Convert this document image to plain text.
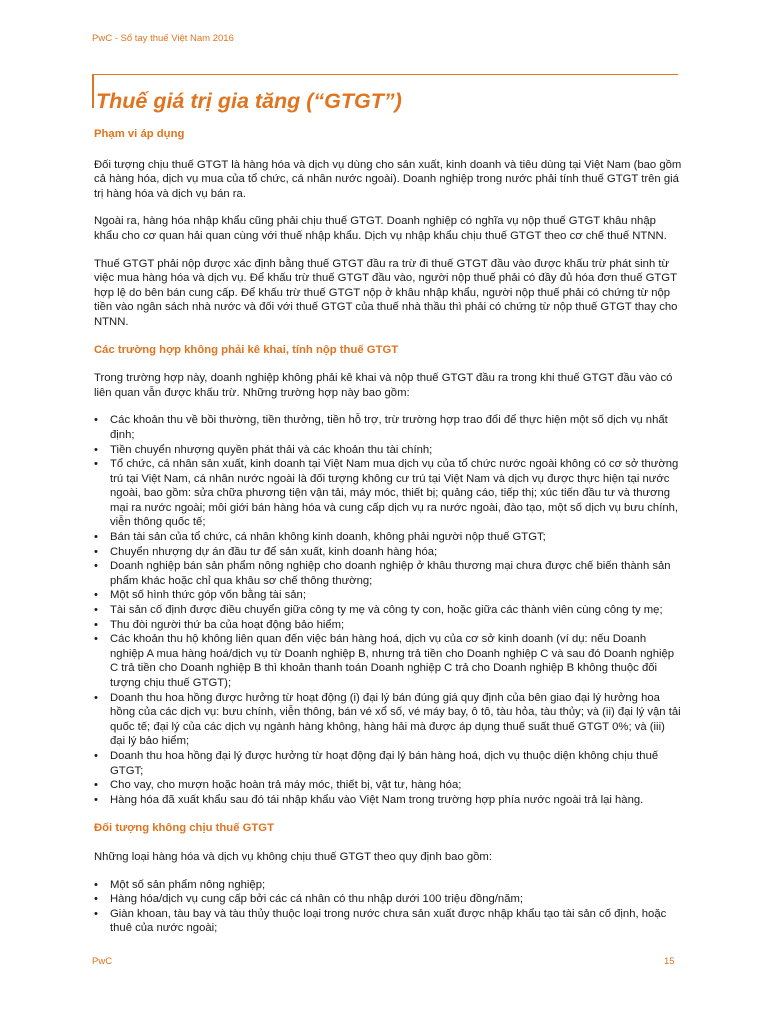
PwC - Sổ tay thuế Việt Nam 2016
Thuế giá trị gia tăng (“GTGT”)
Phạm vi áp dụng

Đối tượng chịu thuế GTGT là hàng hóa và dịch vụ dùng cho sản xuất, kinh doanh và tiêu dùng tại Việt Nam (bao gồm cả hàng hóa, dịch vụ mua của tổ chức, cá nhân nước ngoài). Doanh nghiệp trong nước phải tính thuế GTGT trên giá trị hàng hóa và dịch vụ bán ra.

Ngoài ra, hàng hóa nhập khẩu cũng phải chịu thuế GTGT. Doanh nghiệp có nghĩa vụ nộp thuế GTGT khâu nhập khẩu cho cơ quan hải quan cùng với thuế nhập khẩu. Dịch vụ nhập khẩu chịu thuế GTGT theo cơ chế thuế NTNN.

Thuế GTGT phải nộp được xác định bằng thuế GTGT đầu ra trừ đi thuế GTGT đầu vào được khấu trừ phát sinh từ việc mua hàng hóa và dịch vụ. Để khấu trừ thuế GTGT đầu vào, người nộp thuế phải có đầy đủ hóa đơn thuế GTGT hợp lệ do bên bán cung cấp. Để khấu trừ thuế GTGT nộp ở khâu nhập khẩu, người nộp thuế phải có chứng từ nộp tiền vào ngân sách nhà nước và đối với thuế GTGT của thuế nhà thầu thì phải có chứng từ nộp thuế GTGT thay cho NTNN.

Các trường hợp không phải kê khai, tính nộp thuế GTGT

Trong trường hợp này, doanh nghiệp không phải kê khai và nộp thuế GTGT đầu ra trong khi thuế GTGT đầu vào có liên quan vẫn được khấu trừ. Những trường hợp này bao gồm:

• Các khoản thu về bồi thường, tiền thưởng, tiền hỗ trợ, trừ trường hợp trao đổi để thực hiện một số dịch vụ nhất định;
• Tiền chuyển nhượng quyền phát thải và các khoản thu tài chính;
• Tổ chức, cá nhân sản xuất, kinh doanh tại Việt Nam mua dịch vụ của tổ chức nước ngoài không có cơ sở thường trú tại Việt Nam, cá nhân nước ngoài là đối tượng không cư trú tại Việt Nam và dịch vụ được thực hiện tại nước ngoài, bao gồm: sửa chữa phương tiện vận tải, máy móc, thiết bị; quảng cáo, tiếp thị; xúc tiến đầu tư và thương mại ra nước ngoài; môi giới bán hàng hóa và cung cấp dịch vụ ra nước ngoài, đào tạo, một số dịch vụ bưu chính, viễn thông quốc tế;
• Bán tài sản của tổ chức, cá nhân không kinh doanh, không phải người nộp thuế GTGT;
• Chuyển nhượng dự án đầu tư để sản xuất, kinh doanh hàng hóa;
• Doanh nghiệp bán sản phẩm nông nghiệp cho doanh nghiệp ở khâu thương mại chưa được chế biến thành sản phẩm khác hoặc chỉ qua khâu sơ chế thông thường;
• Một số hình thức góp vốn bằng tài sản;
• Tài sản cố định được điều chuyển giữa công ty mẹ và công ty con, hoặc giữa các thành viên cùng công ty mẹ;
• Thu đòi người thứ ba của hoạt động bảo hiểm;
• Các khoản thu hộ không liên quan đến việc bán hàng hoá, dịch vụ của cơ sở kinh doanh (ví dụ: nếu Doanh nghiệp A mua hàng hoá/dịch vụ từ Doanh nghiệp B, nhưng trả tiền cho Doanh nghiệp C và sau đó Doanh nghiệp C trả tiền cho Doanh nghiệp B thì khoản thanh toán Doanh nghiệp C trả cho Doanh nghiệp B không thuộc đối tượng chịu thuế GTGT);
• Doanh thu hoa hồng được hưởng từ hoạt động (i) đại lý bán đúng giá quy định của bên giao đại lý hưởng hoa hồng của các dịch vụ: bưu chính, viễn thông, bán vé xổ số, vé máy bay, ô tô, tàu hỏa, tàu thủy; và (ii) đại lý vận tải quốc tế; đại lý của các dịch vụ ngành hàng không, hàng hải mà được áp dụng thuế suất thuế GTGT 0%; và (iii) đại lý bảo hiểm;
• Doanh thu hoa hồng đại lý được hưởng từ hoạt động đại lý bán hàng hoá, dịch vụ thuộc diện không chịu thuế GTGT;
• Cho vay, cho mượn hoặc hoàn trả máy móc, thiết bị, vật tư, hàng hóa;
• Hàng hóa đã xuất khẩu sau đó tái nhập khẩu vào Việt Nam trong trường hợp phía nước ngoài trả lại hàng.
Đối tượng không chịu thuế GTGT

Những loại hàng hóa và dịch vụ không chịu thuế GTGT theo quy định bao gồm:

• Một số sản phẩm nông nghiệp;
• Hàng hóa/dịch vụ cung cấp bởi các cá nhân có thu nhập dưới 100 triệu đồng/năm;
• Giàn khoan, tàu bay và tàu thủy thuộc loại trong nước chưa sản xuất được nhập khẩu tạo tài sản cố định, hoặc thuê của nước ngoài;
PwC	15
